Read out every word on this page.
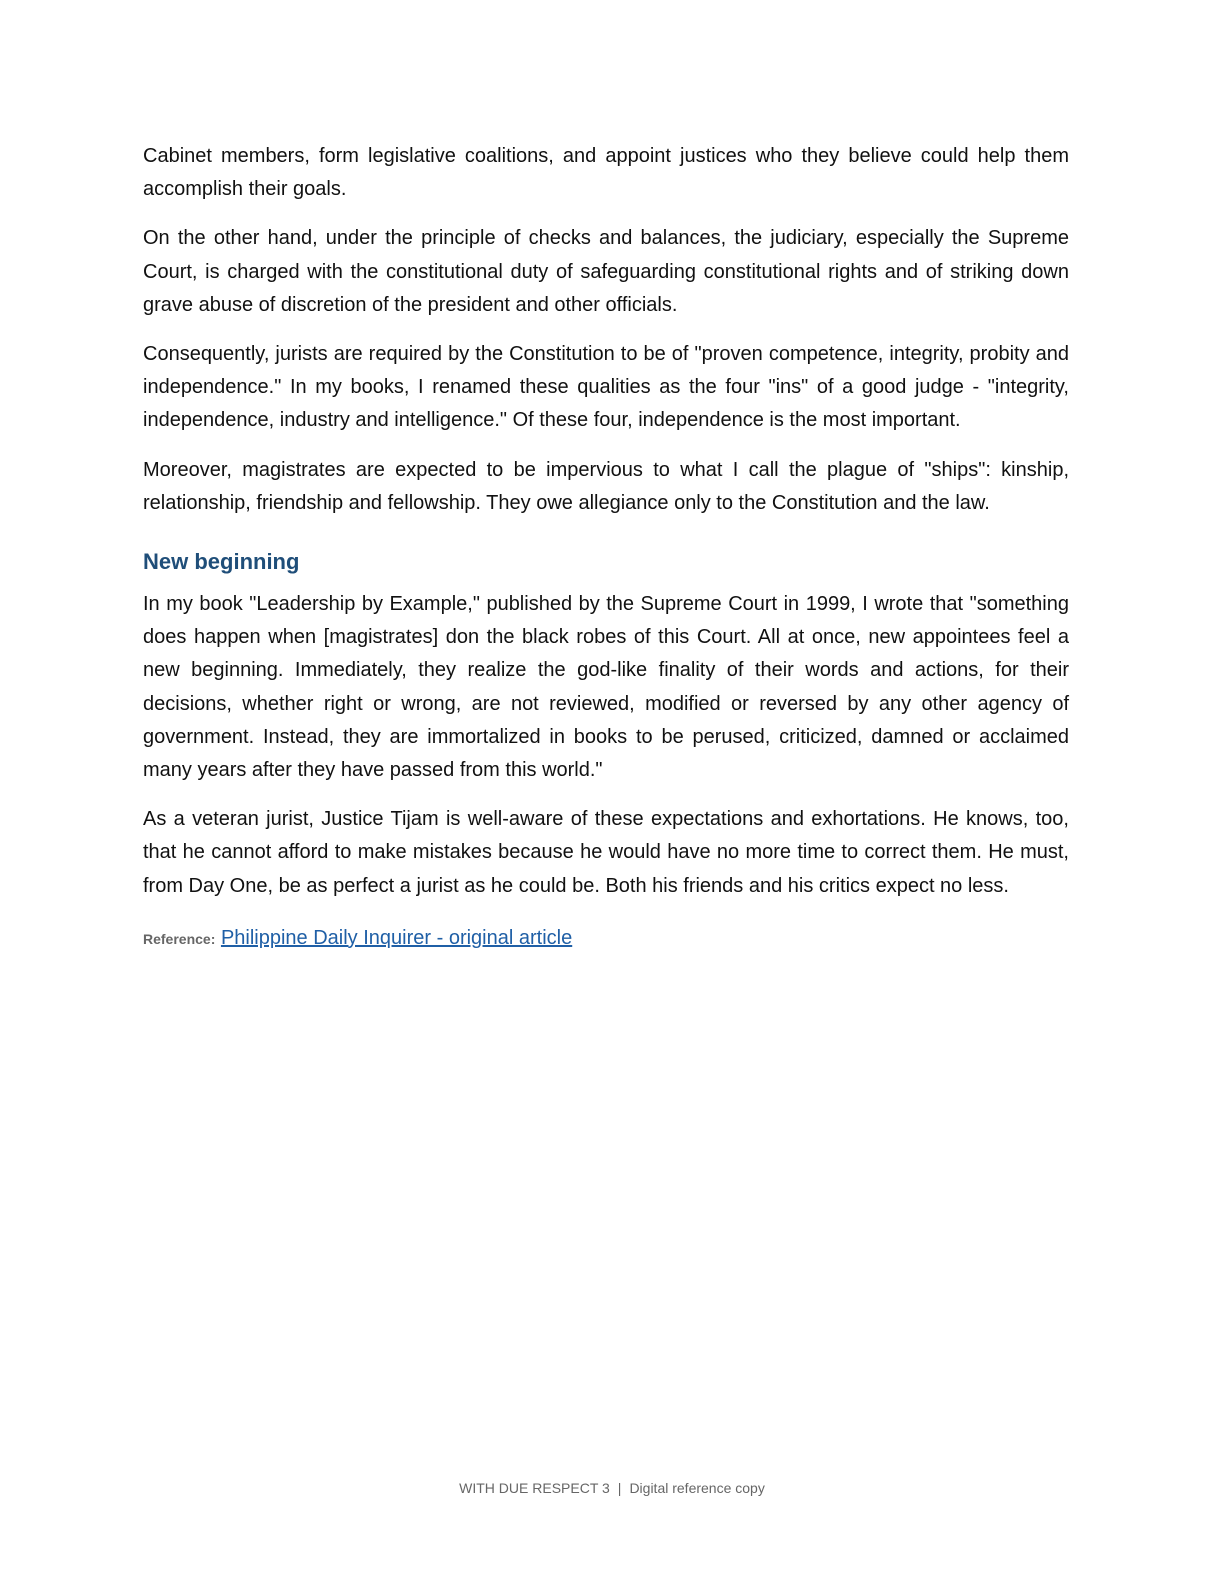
Cabinet members, form legislative coalitions, and appoint justices who they believe could help them accomplish their goals.

On the other hand, under the principle of checks and balances, the judiciary, especially the Supreme Court, is charged with the constitutional duty of safeguarding constitutional rights and of striking down grave abuse of discretion of the president and other officials.

Consequently, jurists are required by the Constitution to be of "proven competence, integrity, probity and independence." In my books, I renamed these qualities as the four "ins" of a good judge - "integrity, independence, industry and intelligence." Of these four, independence is the most important.

Moreover, magistrates are expected to be impervious to what I call the plague of "ships": kinship, relationship, friendship and fellowship. They owe allegiance only to the Constitution and the law.

New beginning

In my book "Leadership by Example," published by the Supreme Court in 1999, I wrote that "something does happen when [magistrates] don the black robes of this Court. All at once, new appointees feel a new beginning. Immediately, they realize the god-like finality of their words and actions, for their decisions, whether right or wrong, are not reviewed, modified or reversed by any other agency of government. Instead, they are immortalized in books to be perused, criticized, damned or acclaimed many years after they have passed from this world."

As a veteran jurist, Justice Tijam is well-aware of these expectations and exhortations. He knows, too, that he cannot afford to make mistakes because he would have no more time to correct them. He must, from Day One, be as perfect a jurist as he could be. Both his friends and his critics expect no less.

Reference: Philippine Daily Inquirer - original article
WITH DUE RESPECT 3 | Digital reference copy
